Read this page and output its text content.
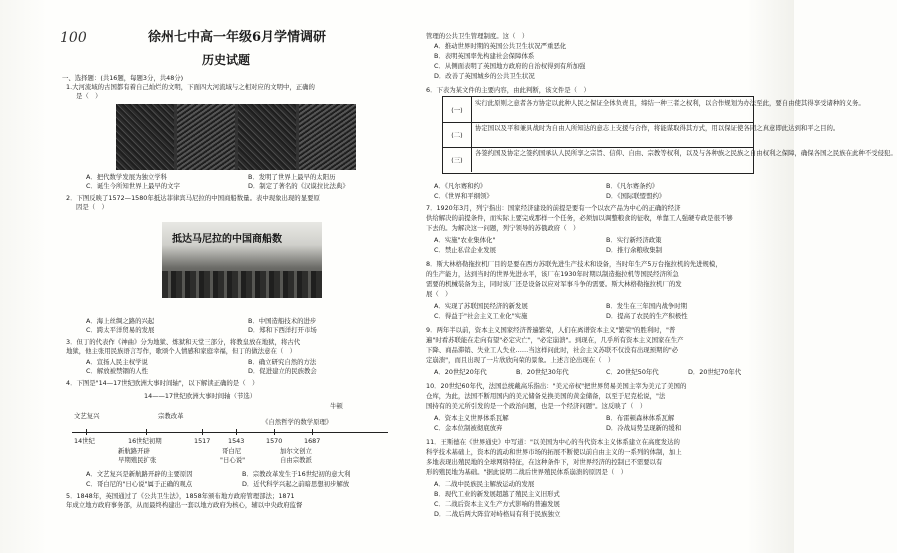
100	徐州七中高一年级6月学情调研
历史试题
一、选择题：(共16题，每题3分，共48分)
1.大河流域的古国都有着自己灿烂的文明，下面四大河流域与之相对应的文明中，正确的
是（　）
A．把代数学发展为独立学科	B．发明了世界上最早的太阳历
C．诞生今所知世界上最早的文字	D．制定了著名的《汉谟拉比法典》
2．下图反映了1572—1580年抵达菲律宾马尼拉的中国商船数量。表中现象出现的显要原
因是（　）
抵达马尼拉的中国商船数
A．海上丝绸之路的兴起	B．中国造船技术的进步
C．跨太平洋贸易的发展	D．郑和下西洋打开市场
3．但丁的代表作《神曲》分为地狱、炼狱和天堂三部分，将教皇放在地狱，将古代
地狱，他主张用民族语言写作，歌颂个人情感和家庭幸福，但丁的做法意在（　）
A．宣扬人民主权学说	B．确立研究自然的方法
C．解放被禁锢的人性	D．促进建立的民族教会
4．下图是"14—17世纪欧洲大事时间轴"，以下解读正确的是（　）
14——17世纪欧洲大事时间轴（节选）
牛顿
文艺复兴	宗教改革
《自然哲学的数学原理》
14世纪	16世纪初期	1517	1543	1570	1687
新航路开辟
早期殖民扩张
哥白尼
"日心说"
加尔文创立
自由宗教派
A．文艺复兴是新航路开辟的主要原因	B．宗教改革发生于16世纪初的意大利
C．哥白尼的"日心说"属于正确的观点	D．近代科学兴起之前暗思想初步解放
5．1848年，英国通过了《公共卫生法》，1858年颁布地方政府管理部法；1871
年成立地方政府事务部，从而最终构建出一套以地方政府为核心，辅以中央政府监督
管理的公共卫生管理制度。这（　）
A．推动世界时期的英国公共卫生状况严重恶化
B．表明英国率先构建社会保障体系
C．从侧面表明了英国地方政府的自治权得到有所加强
D．改善了英国城乡的公共卫生状况
6．下表为某文件的主要内容，由此判断，该文件是（　）
(一)
实行此原则之意者各方协定以此种人民之保证全体负责且，缔结一种三者之权利，以合作规划为办法至此，要自由使其得享受诸种的义务。
(二)
协定国以及平和兼具战时为自由人所知达的意志上支援与合作，将能谋取得其方式，用以保证使各同之真意即此达到和平之目的。
(三)
各签约国及协定之签约国承认人民所享之宗旨、信仰、自由、宗教等权利，以及与各种族之民族之自由权利之保障，确保各国之民族在此种不受侵犯。
A．《凡尔赛和约》	B．《凡尔赛条约》
C．《世界和平纲领》	D．《国际联盟盟约》
7．1920年3月，列宁指出：国家经济建设的前提是要有一个以农产品为中心的正确的经济
供给解决的前提条件，而实际上要完成那样一个任务，必须加以调整粮食的征收，单靠工人强硬专政是很不够
下去的。为解决这一问题，列宁领导的苏俄政府（　）
A．实施"农业集体化"	B．实行新经济政策
C．禁止私营企业发展	D．推行余粮收集制
8．斯大林格勒拖拉机厂目的是要在西方苏联先进生产技术和设备，当时年生产5万台拖拉机的先进规模，
的生产能力，达到当时的世界先进水平，该厂在1930年时期以制造拖拉机等国民经济所急
需要的机械装备为主，同时该厂还是设备以应对军事斗争的需要。斯大林格勒拖拉机厂的发
展（　）
A．实现了苏联国民经济的新发展	B．发生在三年国内战争时期
C．得益于"社会主义工业化"实施	D．提高了农民的生产积极性
9．两年半以前，资本主义国家经济普遍繁荣，人们在离谱资本主义"繁荣"的胜利时，"普
遍"时看苏联能在走向有望"必定灾亡"，"必定崩溃"。到现在，几乎所有资本主义国家在生产
下降、商品滞销、失业工人失业……当这样问此时，社会主义苏联不仅没有出现预期的"必
定崩溃"，而且出现了一片欣欣向荣的景象。上述言论出现在（　）
A．20世纪20年代	B．20世纪30年代	C．20世纪50年代	D．20世纪70年代
10．20世纪60年代，法国总统戴高乐指出："美元帝权"把世界贸易美国主宰为美元了美国的
仓库，为此，法国不断用国内的美元储备兑换美国的黄金储备，以至于尼克松说，"法
国持有的美元所引发的是一个政治问题，也是一个经济问题"。这反映了（　）
A．资本主义世界体系瓦解	B．布雷顿森林体系瓦解
C．金本位制被彻底放弃	D．冷战局势呈现新的缓和
11．王斯德在《世界通史》中写道："以美国为中心的当代资本主义体系建立在高度发达的
科学技术基础上，资本的流动和世界市场的拓展不断使以前自由主义的一系列的体制，加上
多地表现出殖民地的全球网络特征，在这种条件下，对世界经济的控制已不需要以有
形的殖民地为基础。"据此说明二战后世界殖民体系崩溃的原因是（　）
A．二战中民族民主解放运动的发展
B．现代工业的新发展超越了殖民主义旧形式
C．二战后资本主义生产方式影响的普遍发展
D．二战后两大阵营对峙格局有利于民族独立
